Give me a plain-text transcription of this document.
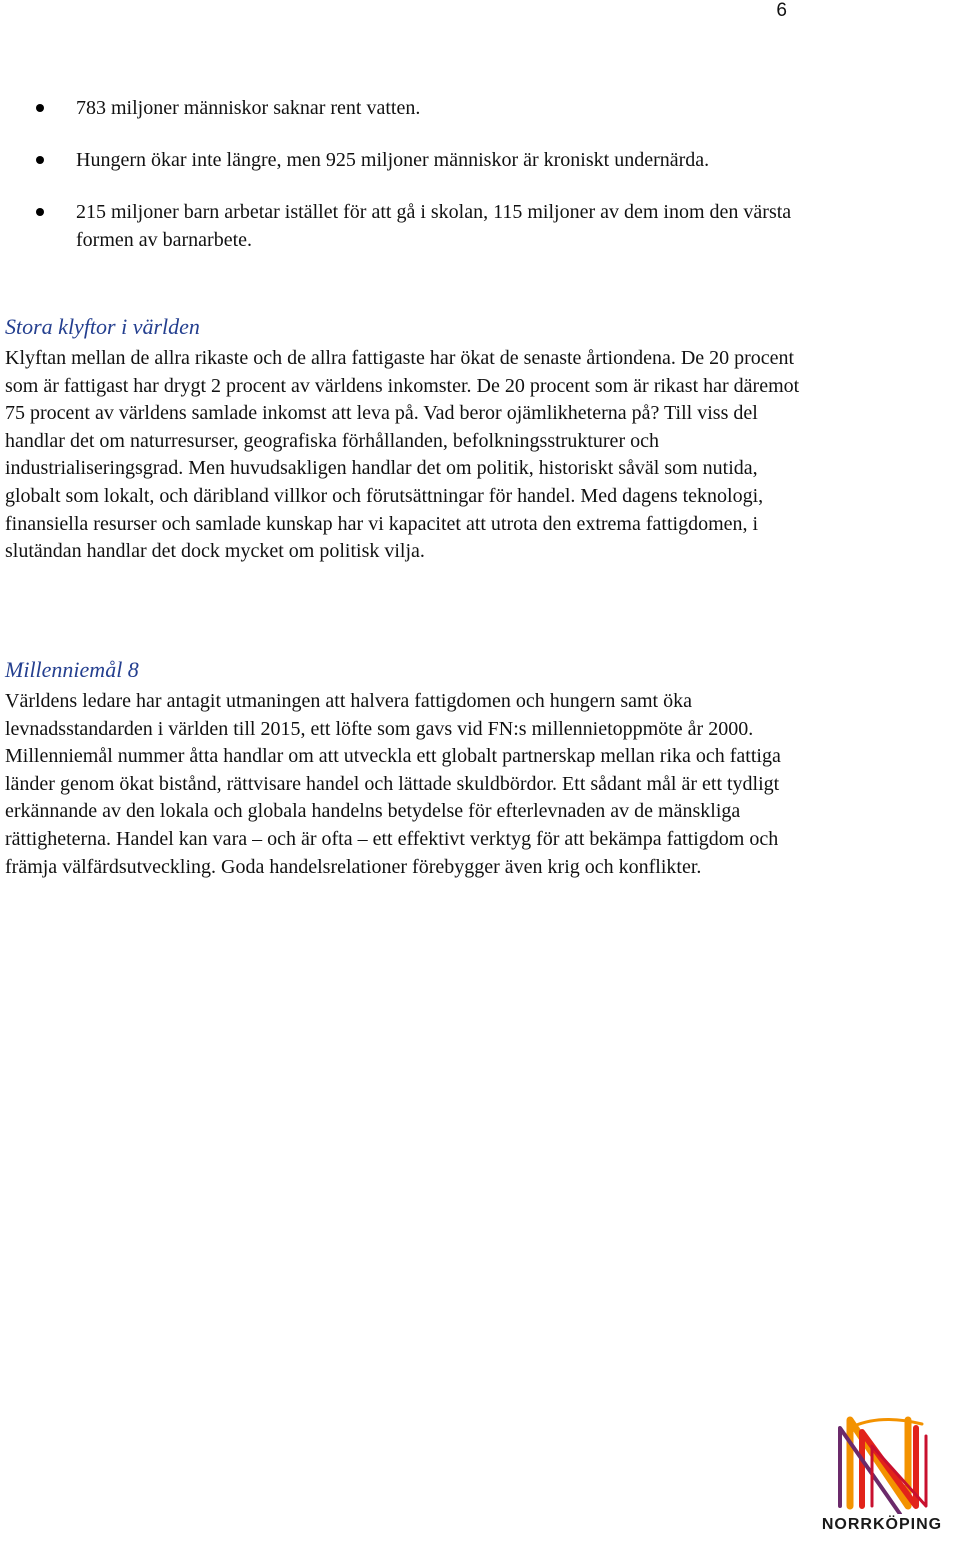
6
783 miljoner människor saknar rent vatten.
Hungern ökar inte längre, men 925 miljoner människor är kroniskt undernärda.
215 miljoner barn arbetar istället för att gå i skolan, 115 miljoner av dem inom den värsta formen av barnarbete.
Stora klyftor i världen

Klyftan mellan de allra rikaste och de allra fattigaste har ökat de senaste årtiondena. De 20 procent som är fattigast har drygt 2 procent av världens inkomster. De 20 procent som är rikast har däremot 75 procent av världens samlade inkomst att leva på. Vad beror ojämlikheterna på? Till viss del handlar det om naturresurser, geografiska förhållanden, befolkningsstrukturer och industrialiseringsgrad. Men huvudsakligen handlar det om politik, historiskt såväl som nutida, globalt som lokalt, och däribland villkor och förutsättningar för handel. Med dagens teknologi, finansiella resurser och samlade kunskap har vi kapacitet att utrota den extrema fattigdomen, i slutändan handlar det dock mycket om politisk vilja.

Millenniemål 8

Världens ledare har antagit utmaningen att halvera fattigdomen och hungern samt öka levnadsstandarden i världen till 2015, ett löfte som gavs vid FN:s millennietoppmöte år 2000. Millenniemål nummer åtta handlar om att utveckla ett globalt partnerskap mellan rika och fattiga länder genom ökat bistånd, rättvisare handel och lättade skuldbördor. Ett sådant mål är ett tydligt erkännande av den lokala och globala handelns betydelse för efterlevnaden av de mänskliga rättigheterna. Handel kan vara – och är ofta – ett effektivt verktyg för att bekämpa fattigdom och främja välfärdsutveckling. Goda handelsrelationer förebygger även krig och konflikter.

NORRKÖPING
